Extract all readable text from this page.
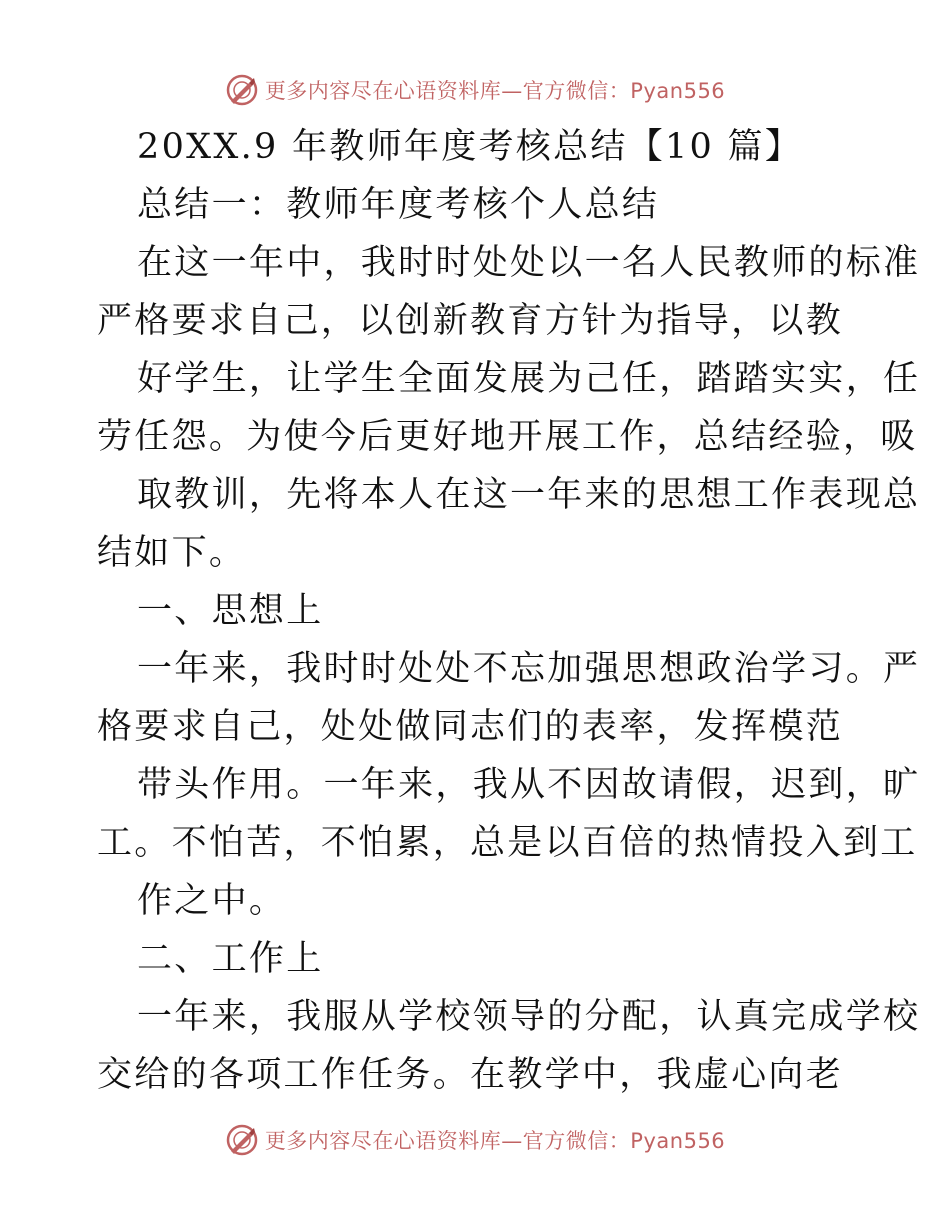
更多内容尽在心语资料库—官方微信：Pyan556
20XX.9 年教师年度考核总结【10 篇】
总结一：教师年度考核个人总结
在这一年中，我时时处处以一名人民教师的标准
严格要求自己，以创新教育方针为指导，以教
好学生，让学生全面发展为己任，踏踏实实，任
劳任怨。为使今后更好地开展工作，总结经验，吸
取教训，先将本人在这一年来的思想工作表现总
结如下。
一、思想上
一年来，我时时处处不忘加强思想政治学习。严
格要求自己，处处做同志们的表率，发挥模范
带头作用。一年来，我从不因故请假，迟到，旷
工。不怕苦，不怕累，总是以百倍的热情投入到工
作之中。
二、工作上
一年来，我服从学校领导的分配，认真完成学校
交给的各项工作任务。在教学中，我虚心向老
更多内容尽在心语资料库—官方微信：Pyan556
